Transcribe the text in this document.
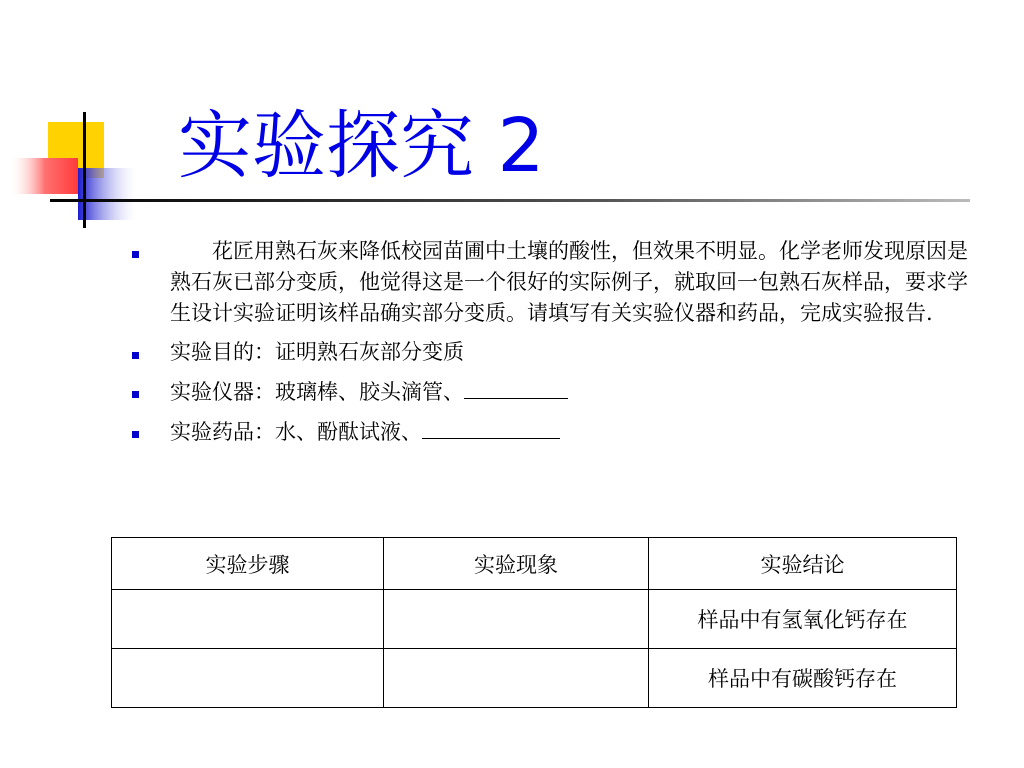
实验探究 2
花匠用熟石灰来降低校园苗圃中土壤的酸性，但效果不明显。化学老师发现原因是熟石灰已部分变质，他觉得这是一个很好的实际例子，就取回一包熟石灰样品，要求学生设计实验证明该样品确实部分变质。请填写有关实验仪器和药品，完成实验报告.
实验目的：证明熟石灰部分变质
实验仪器：玻璃棒、胶头滴管、
实验药品：水、酚酞试液、
实验步骤	实验现象	实验结论
		样品中有氢氧化钙存在
		样品中有碳酸钙存在
